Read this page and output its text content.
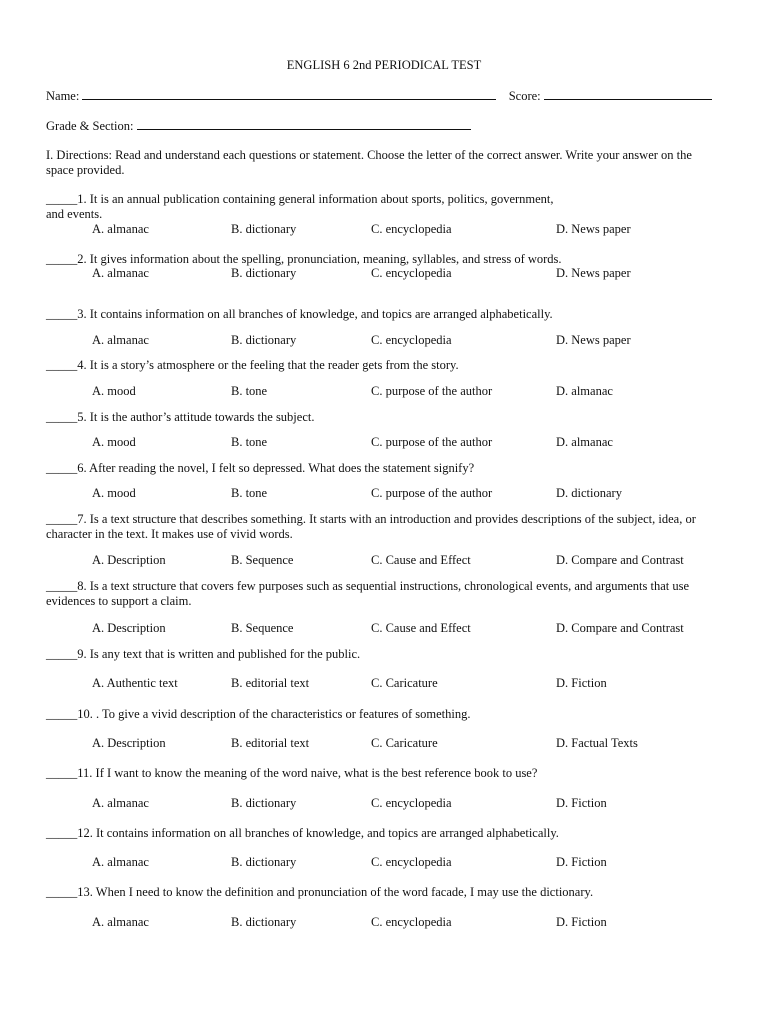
ENGLISH 6 2nd PERIODICAL TEST
Name:	Score:
Grade & Section:
I. Directions: Read and understand each questions or statement. Choose the letter of the correct answer. Write your answer on the space provided.
_____1. It is an annual publication containing general information about sports, politics, government, and events.
A. almanac	B. dictionary	C. encyclopedia	D. News paper
_____2. It gives information about the spelling, pronunciation, meaning, syllables, and stress of words.
A. almanac	B. dictionary	C. encyclopedia	D. News paper
_____3. It contains information on all branches of knowledge, and topics are arranged alphabetically.
A. almanac	B. dictionary	C. encyclopedia	D. News paper
_____4. It is a story’s atmosphere or the feeling that the reader gets from the story.
A. mood	B. tone	C. purpose of the author	D. almanac
_____5. It is the author’s attitude towards the subject.
A. mood	B. tone	C. purpose of the author	D. almanac
_____6. After reading the novel, I felt so depressed. What does the statement signify?
A. mood	B. tone	C. purpose of the author	D. dictionary
_____7. Is a text structure that describes something. It starts with an introduction and provides descriptions of the subject, idea, or character in the text. It makes use of vivid words.
A. Description	B. Sequence	C. Cause and Effect	D. Compare and Contrast
_____8. Is a text structure that covers few purposes such as sequential instructions, chronological events, and arguments that use evidences to support a claim.
A. Description	B. Sequence	C. Cause and Effect	D. Compare and Contrast
_____9. Is any text that is written and published for the public.
A. Authentic text	B. editorial text	C. Caricature	D. Fiction
_____10. . To give a vivid description of the characteristics or features of something.
A. Description	B. editorial text	C. Caricature	D. Factual Texts
_____11. If I want to know the meaning of the word naive, what is the best reference book to use?
A. almanac	B. dictionary	C. encyclopedia	D. Fiction
_____12. It contains information on all branches of knowledge, and topics are arranged alphabetically.
A. almanac	B. dictionary	C. encyclopedia	D. Fiction
_____13. When I need to know the definition and pronunciation of the word facade, I may use the dictionary.
A. almanac	B. dictionary	C. encyclopedia	D. Fiction
